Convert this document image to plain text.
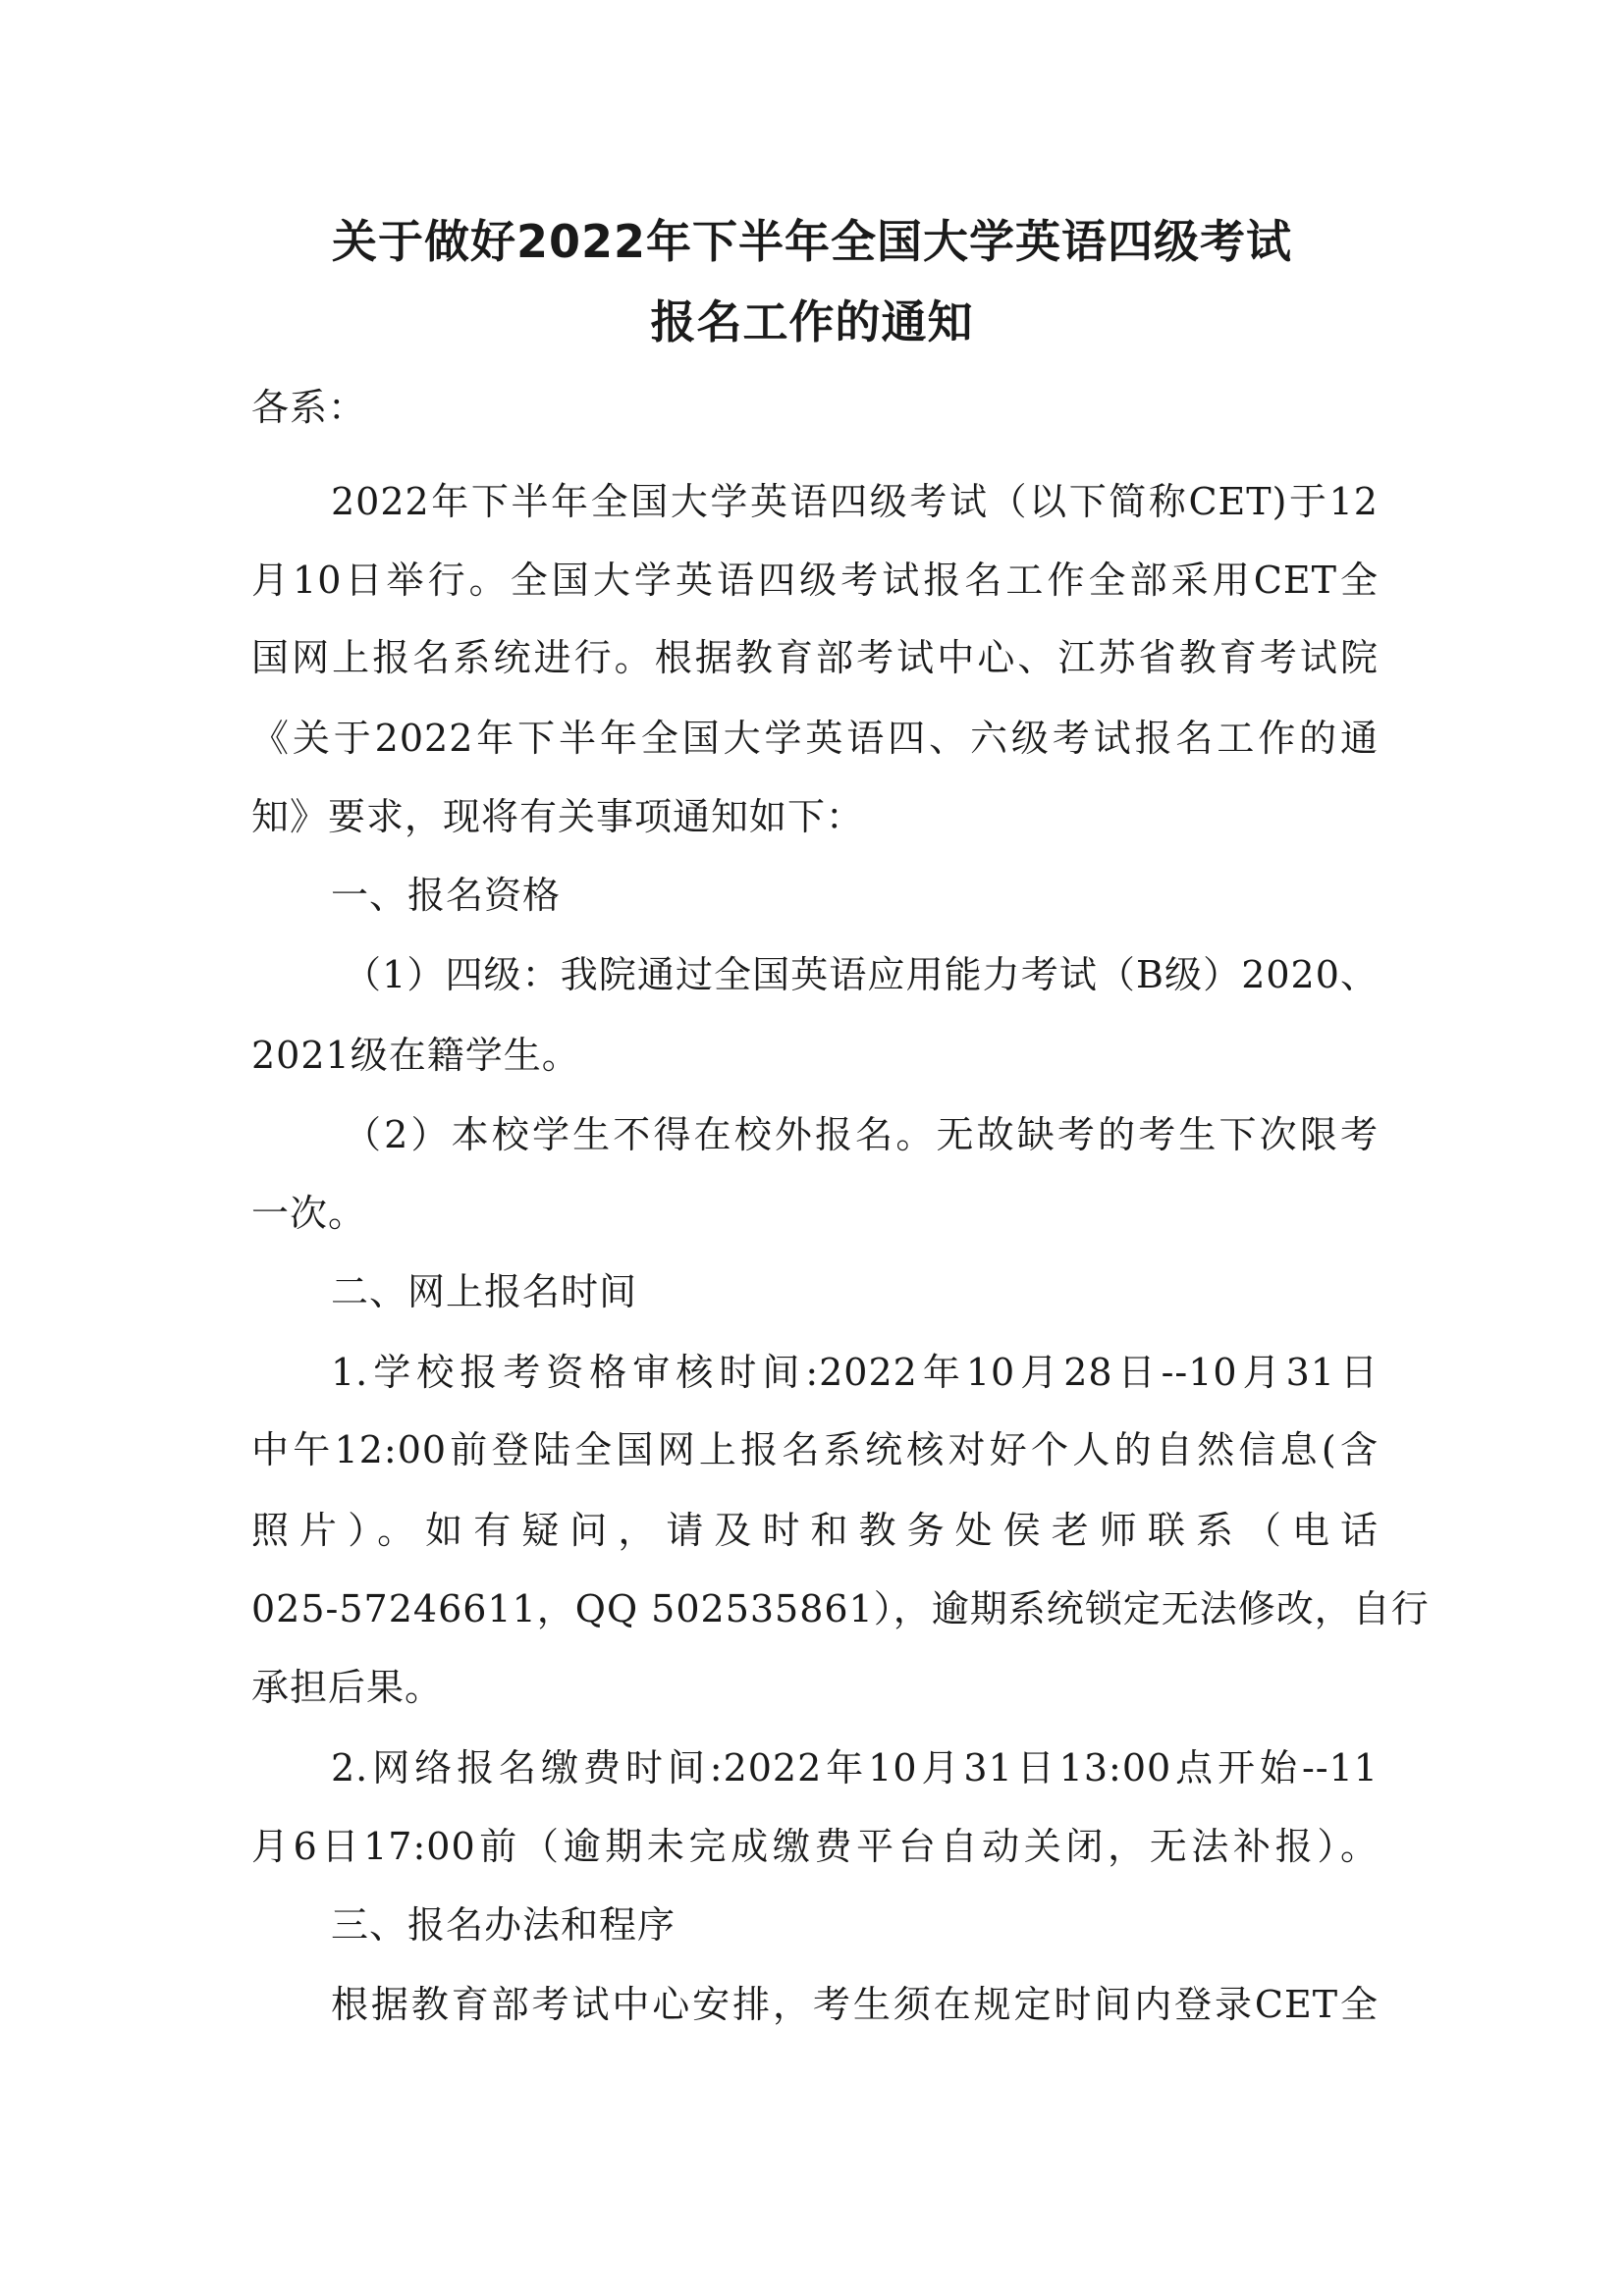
关于做好2022年下半年全国大学英语四级考试
报名工作的通知

各系：

2022年下半年全国大学英语四级考试（以下简称CET)于12

月10日举行。全国大学英语四级考试报名工作全部采用CET全

国网上报名系统进行。根据教育部考试中心、江苏省教育考试院

《关于2022年下半年全国大学英语四、六级考试报名工作的通

知》要求，现将有关事项通知如下：

一、报名资格

（1）四级：我院通过全国英语应用能力考试（B级）2020、

2021级在籍学生。

（2）本校学生不得在校外报名。无故缺考的考生下次限考

一次。

二、网上报名时间

1.学校报考资格审核时间:2022年10月28日--10月31日

中午12:00前登陆全国网上报名系统核对好个人的自然信息(含

照片）。如有疑问，请及时和教务处侯老师联系（电话

025-57246611，QQ 502535861），逾期系统锁定无法修改，自行

承担后果。

2.网络报名缴费时间:2022年10月31日13:00点开始--11

月6日17:00前（逾期未完成缴费平台自动关闭，无法补报）。

三、报名办法和程序

根据教育部考试中心安排，考生须在规定时间内登录CET全
